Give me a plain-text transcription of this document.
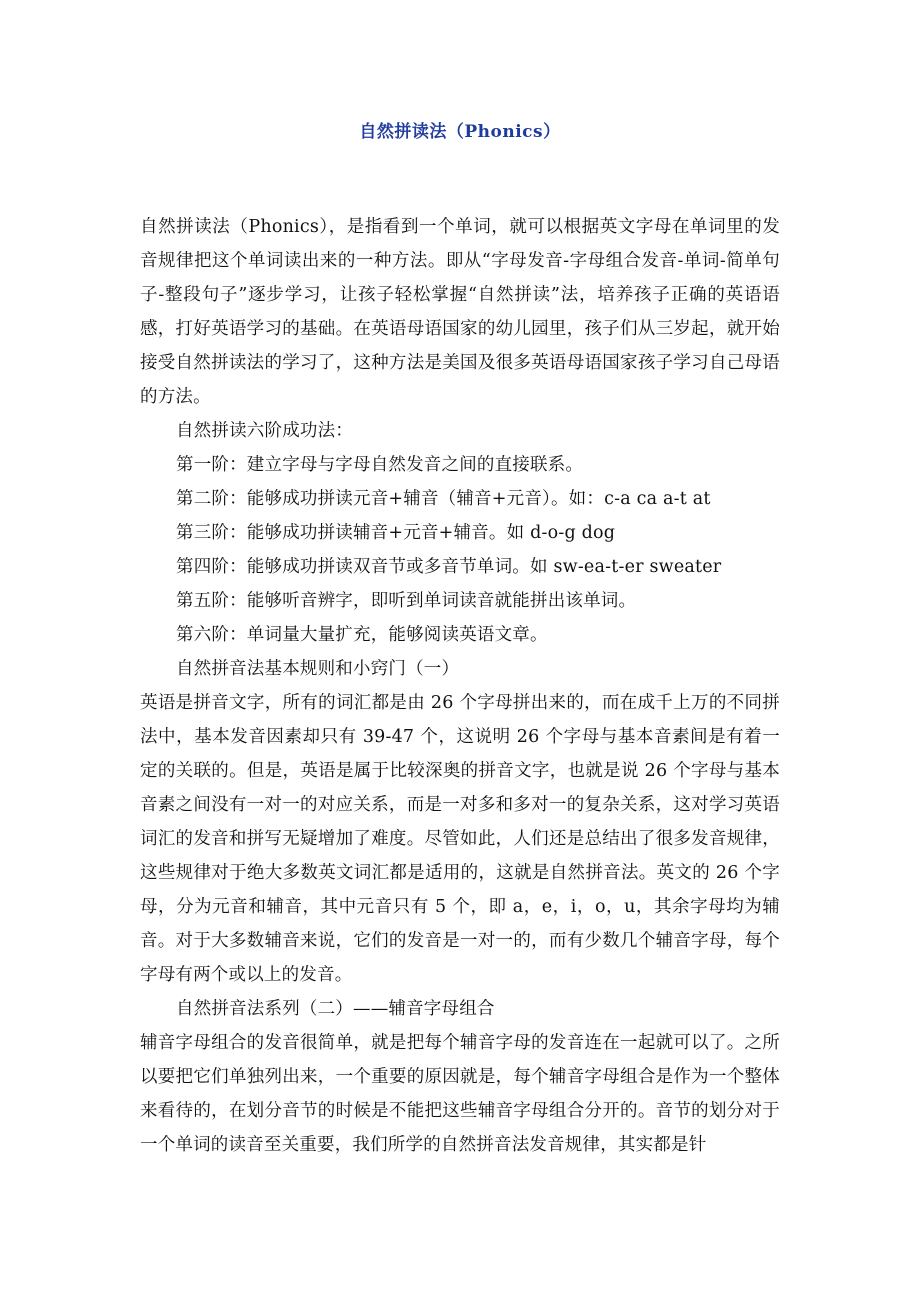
自然拼读法（Phonics）

自然拼读法（Phonics），是指看到一个单词，就可以根据英文字母在单词里的发音规律把这个单词读出来的一种方法。即从“字母发音-字母组合发音-单词-简单句子-整段句子”逐步学习，让孩子轻松掌握“自然拼读”法，培养孩子正确的英语语感，打好英语学习的基础。在英语母语国家的幼儿园里，孩子们从三岁起，就开始接受自然拼读法的学习了，这种方法是美国及很多英语母语国家孩子学习自己母语的方法。

自然拼读六阶成功法：

第一阶：建立字母与字母自然发音之间的直接联系。

第二阶：能够成功拼读元音+辅音（辅音+元音）。如：c-a ca a-t at

第三阶：能够成功拼读辅音+元音+辅音。如 d-o-g dog

第四阶：能够成功拼读双音节或多音节单词。如 sw-ea-t-er sweater

第五阶：能够听音辨字，即听到单词读音就能拼出该单词。

第六阶：单词量大量扩充，能够阅读英语文章。

自然拼音法基本规则和小窍门（一）

英语是拼音文字，所有的词汇都是由 26 个字母拼出来的，而在成千上万的不同拼法中，基本发音因素却只有 39-47 个，这说明 26 个字母与基本音素间是有着一定的关联的。但是，英语是属于比较深奥的拼音文字，也就是说 26 个字母与基本音素之间没有一对一的对应关系，而是一对多和多对一的复杂关系，这对学习英语词汇的发音和拼写无疑增加了难度。尽管如此，人们还是总结出了很多发音规律，这些规律对于绝大多数英文词汇都是适用的，这就是自然拼音法。英文的 26 个字母，分为元音和辅音，其中元音只有 5 个，即 a，e，i，o，u，其余字母均为辅音。对于大多数辅音来说，它们的发音是一对一的，而有少数几个辅音字母，每个字母有两个或以上的发音。

自然拼音法系列（二）——辅音字母组合

辅音字母组合的发音很简单，就是把每个辅音字母的发音连在一起就可以了。之所以要把它们单独列出来，一个重要的原因就是，每个辅音字母组合是作为一个整体来看待的，在划分音节的时候是不能把这些辅音字母组合分开的。音节的划分对于一个单词的读音至关重要，我们所学的自然拼音法发音规律，其实都是针
